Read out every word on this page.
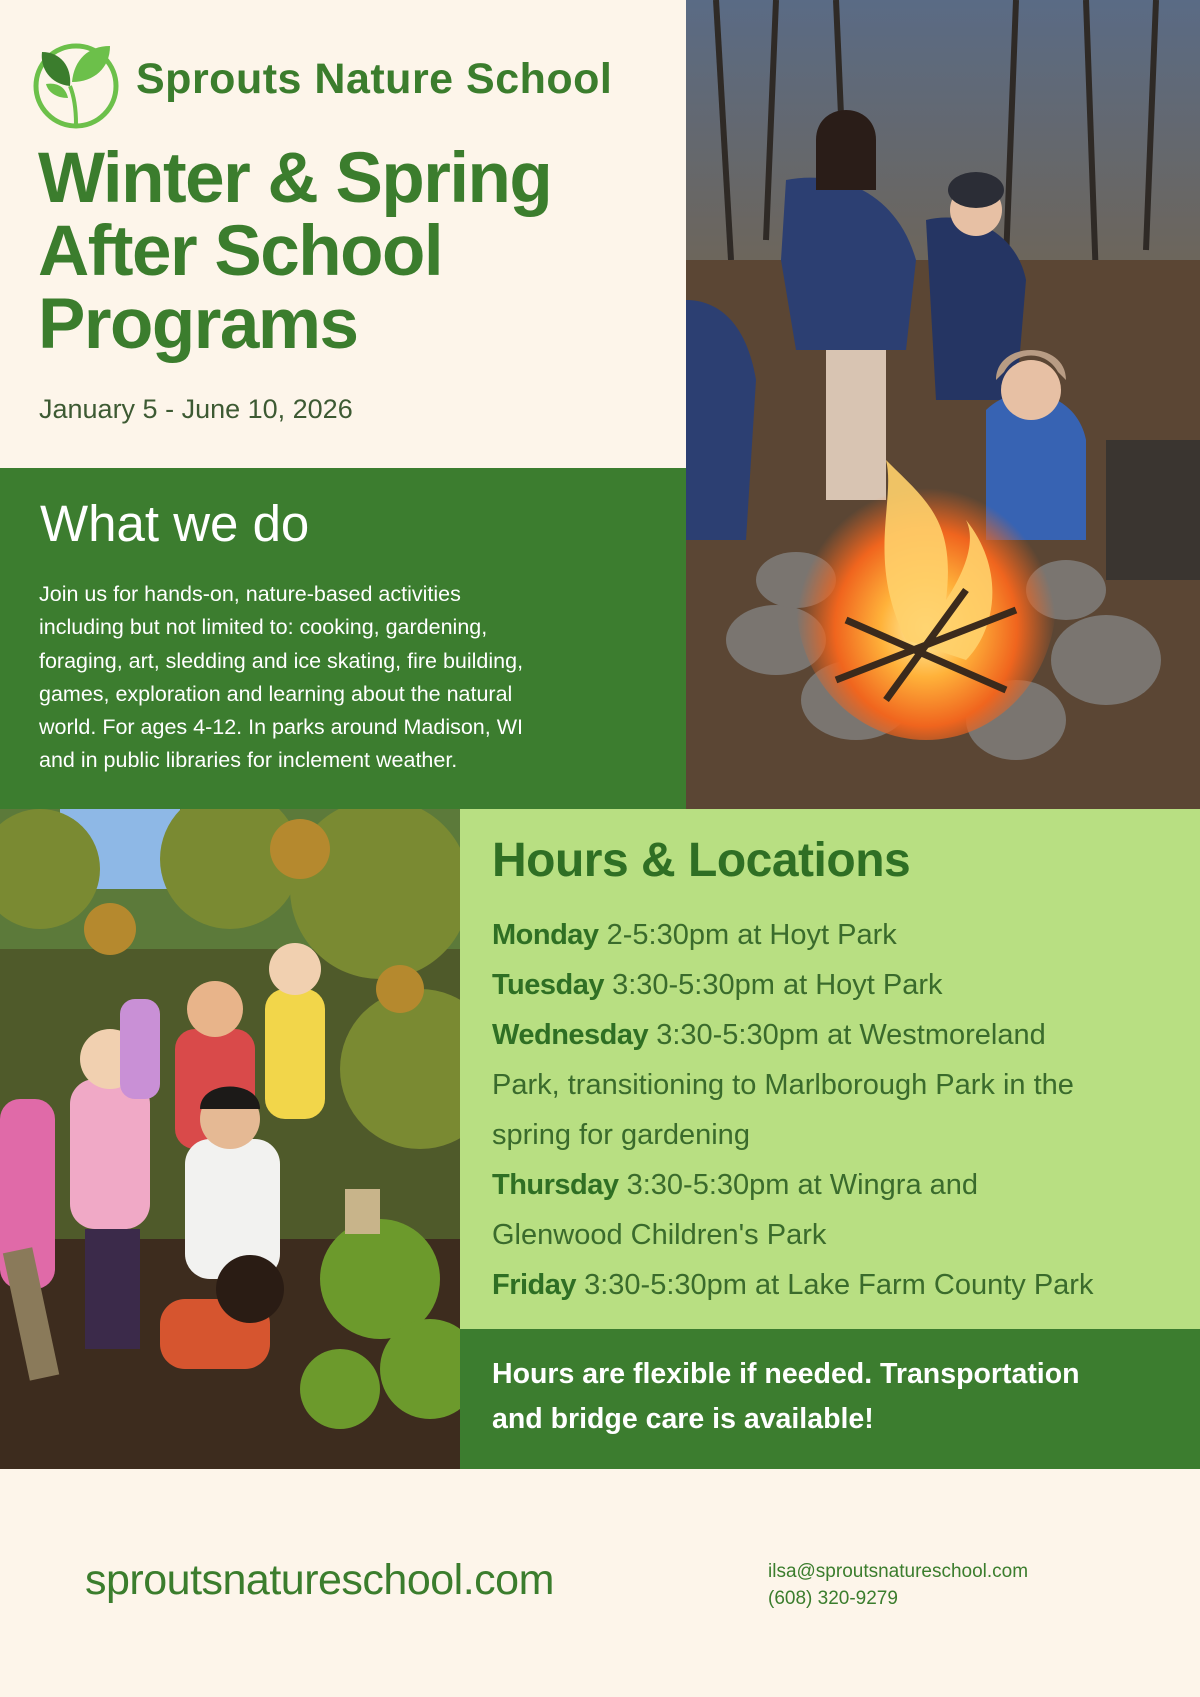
Sprouts Nature School
Winter & Spring
After School
Programs
January 5 - June 10, 2026
What we do
Join us for hands-on, nature-based activities
including but not limited to: cooking, gardening,
foraging, art, sledding and ice skating, fire building,
games, exploration and learning about the natural
world. For ages 4-12. In parks around Madison, WI
and in public libraries for inclement weather.
Hours & Locations
Monday 2-5:30pm at Hoyt Park
Tuesday 3:30-5:30pm at Hoyt Park
Wednesday 3:30-5:30pm at Westmoreland
Park, transitioning to Marlborough Park in the
spring for gardening
Thursday 3:30-5:30pm at Wingra and
Glenwood Children's Park
Friday 3:30-5:30pm at Lake Farm County Park
Hours are flexible if needed. Transportation
and bridge care is available!
sproutsnatureschool.com	ilsa@sproutsnatureschool.com
(608) 320-9279
